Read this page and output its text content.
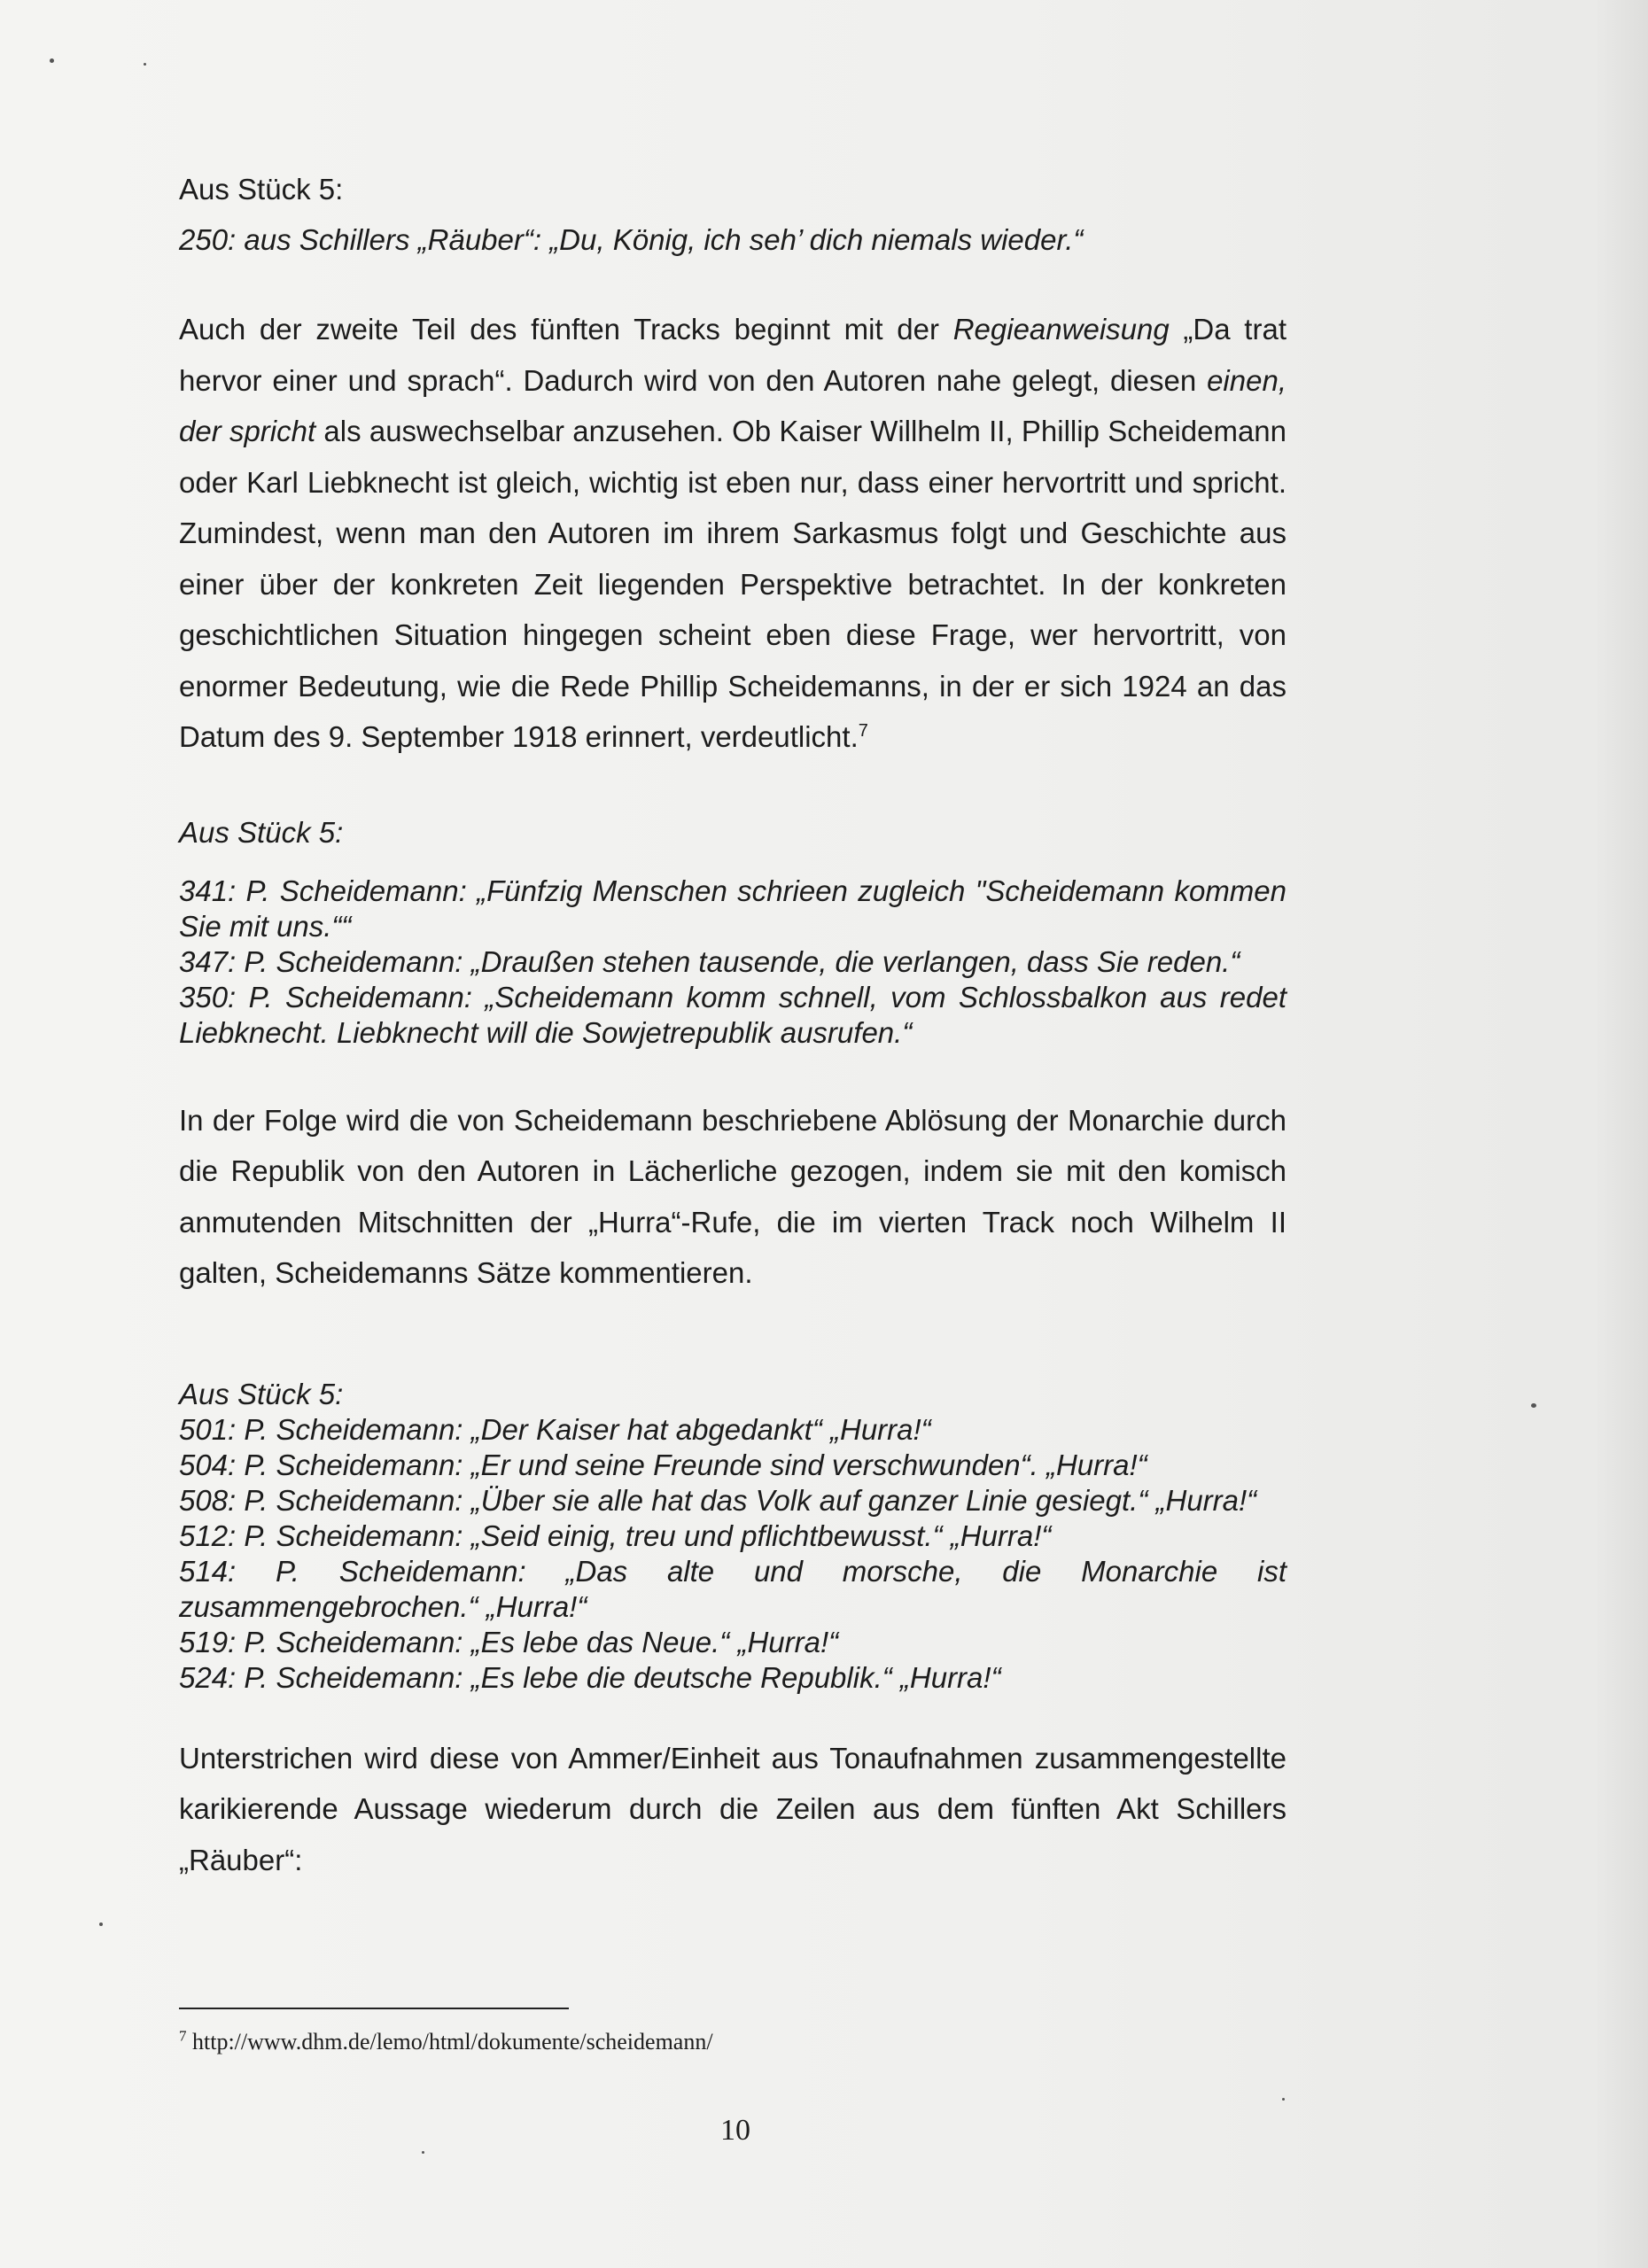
Aus Stück 5:

250: aus Schillers „Räuber“: „Du, König, ich seh’ dich niemals wieder.“

Auch der zweite Teil des fünften Tracks beginnt mit der Regieanweisung „Da trat hervor einer und sprach“. Dadurch wird von den Autoren nahe gelegt, diesen einen, der spricht als auswechselbar anzusehen. Ob Kaiser Willhelm II, Phillip Scheidemann oder Karl Liebknecht ist gleich, wichtig ist eben nur, dass einer hervortritt und spricht. Zumindest, wenn man den Autoren im ihrem Sarkasmus folgt und Geschichte aus einer über der konkreten Zeit liegenden Perspektive betrachtet. In der konkreten geschichtlichen Situation hingegen scheint eben diese Frage, wer hervortritt, von enormer Bedeutung, wie die Rede Phillip Scheidemanns, in der er sich 1924 an das Datum des 9. September 1918 erinnert, verdeutlicht.$^7$

Aus Stück 5:

341: P. Scheidemann: „Fünfzig Menschen schrieen zugleich "Scheidemann kommen Sie mit uns.““
347: P. Scheidemann: „Draußen stehen tausende, die verlangen, dass Sie reden.“
350: P. Scheidemann: „Scheidemann komm schnell, vom Schlossbalkon aus redet Liebknecht. Liebknecht will die Sowjetrepublik ausrufen.“

In der Folge wird die von Scheidemann beschriebene Ablösung der Monarchie durch die Republik von den Autoren in Lächerliche gezogen, indem sie mit den komisch anmutenden Mitschnitten der „Hurra“-Rufe, die im vierten Track noch Wilhelm II galten, Scheidemanns Sätze kommentieren.

Aus Stück 5:
501: P. Scheidemann: „Der Kaiser hat abgedankt“ „Hurra!“
504: P. Scheidemann: „Er und seine Freunde sind verschwunden“. „Hurra!“
508: P. Scheidemann: „Über sie alle hat das Volk auf ganzer Linie gesiegt.“ „Hurra!“
512: P. Scheidemann: „Seid einig, treu und pflichtbewusst.“ „Hurra!“
514: P. Scheidemann: „Das alte und morsche, die Monarchie ist zusammengebrochen.“ „Hurra!“
519: P. Scheidemann: „Es lebe das Neue.“ „Hurra!“
524: P. Scheidemann: „Es lebe die deutsche Republik.“ „Hurra!“

Unterstrichen wird diese von Ammer/Einheit aus Tonaufnahmen zusammengestellte karikierende Aussage wiederum durch die Zeilen aus dem fünften Akt Schillers „Räuber“:

$^7$ http://www.dhm.de/lemo/html/dokumente/scheidemann/
10
